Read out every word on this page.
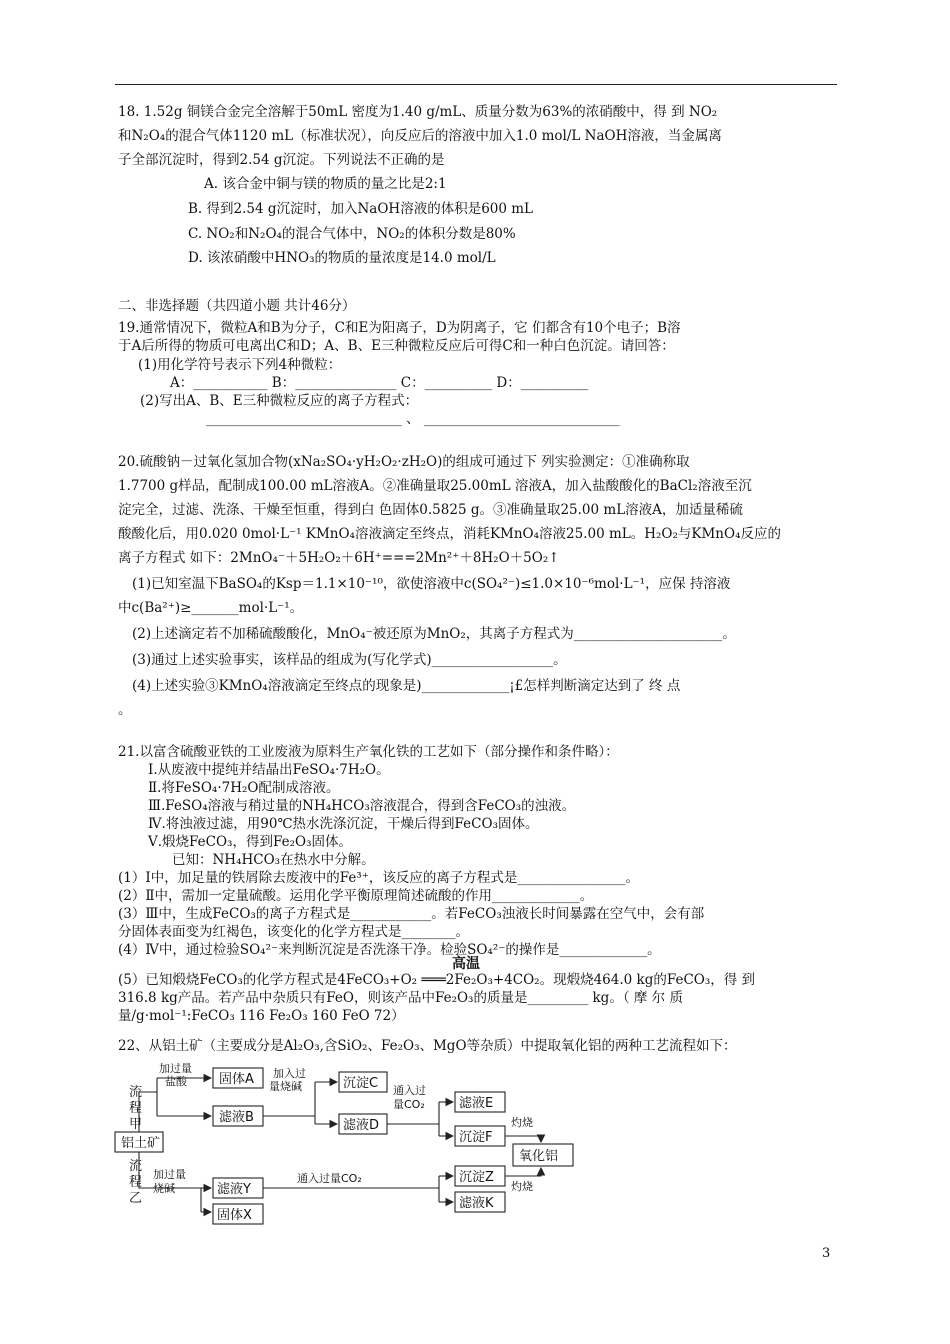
18. 1.52g 铜镁合金完全溶解于50mL 密度为1.40 g/mL、质量分数为63%的浓硝酸中，得 到 NO₂
和N₂O₄的混合气体1120 mL（标准状况），向反应后的溶液中加入1.0 mol/L NaOH溶液，当金属离
子全部沉淀时，得到2.54 g沉淀。下列说法不正确的是
A. 该合金中铜与镁的物质的量之比是2:1
B. 得到2.54 g沉淀时，加入NaOH溶液的体积是600 mL
C. NO₂和N₂O₄的混合气体中，NO₂的体积分数是80%
D. 该浓硝酸中HNO₃的物质的量浓度是14.0 mol/L
二、非选择题（共四道小题 共计46分）
19.通常情况下，微粒A和B为分子，C和E为阳离子，D为阴离子，它 们都含有10个电子；B溶
于A后所得的物质可电离出C和D；A、B、E三种微粒反应后可得C和一种白色沉淀。请回答：
(1)用化学符号表示下列4种微粒：
A：___________ B：_______________ C：__________ D：__________
(2)写出A、B、E三种微粒反应的离子方程式：
_____________________________ 、 _____________________________
20.硫酸钠－过氧化氢加合物(xNa₂SO₄·yH₂O₂·zH₂O)的组成可通过下 列实验测定：①准确称取
1.7700 g样品，配制成100.00 mL溶液A。②准确量取25.00mL 溶液A，加入盐酸酸化的BaCl₂溶液至沉
淀完全，过滤、洗涤、干燥至恒重，得到白 色固体0.5825 g。③准确量取25.00 mL溶液A，加适量稀硫
酸酸化后，用0.020 0mol·L⁻¹ KMnO₄溶液滴定至终点，消耗KMnO₄溶液25.00 mL。H₂O₂与KMnO₄反应的
离子方程式 如下：2MnO₄⁻＋5H₂O₂＋6H⁺===2Mn²⁺＋8H₂O＋5O₂↑
(1)已知室温下BaSO₄的Ksp＝1.1×10⁻¹⁰，欲使溶液中c(SO₄²⁻)≤1.0×10⁻⁶mol·L⁻¹，应保 持溶液
中c(Ba²⁺)≥_______mol·L⁻¹。
(2)上述滴定若不加稀硫酸酸化，MnO₄⁻被还原为MnO₂，其离子方程式为______________________。
(3)通过上述实验事实，该样品的组成为(写化学式)__________________。
(4)上述实验③KMnO₄溶液滴定至终点的现象是)_____________¡£怎样判断滴定达到了 终 点
。
21.以富含硫酸亚铁的工业废液为原料生产氧化铁的工艺如下（部分操作和条件略）：
Ⅰ.从废液中提纯并结晶出FeSO₄·7H₂O。
Ⅱ.将FeSO₄·7H₂O配制成溶液。
Ⅲ.FeSO₄溶液与稍过量的NH₄HCO₃溶液混合，得到含FeCO₃的浊液。
Ⅳ.将浊液过滤，用90℃热水洗涤沉淀，干燥后得到FeCO₃固体。
Ⅴ.煅烧FeCO₃，得到Fe₂O₃固体。
已知：NH₄HCO₃在热水中分解。
(1）Ⅰ中，加足量的铁屑除去废液中的Fe³⁺，该反应的离子方程式是________________。
(2）Ⅱ中，需加一定量硫酸。运用化学平衡原理简述硫酸的作用_____________。
(3）Ⅲ中，生成FeCO₃的离子方程式是____________。若FeCO₃浊液长时间暴露在空气中，会有部
分固体表面变为红褐色，该变化的化学方程式是________。
(4）Ⅳ中，通过检验SO₄²⁻来判断沉淀是否洗涤干净。检验SO₄²⁻的操作是_____________。
高温
(5）已知煅烧FeCO₃的化学方程式是4FeCO₃+O₂ ═══2Fe₂O₃+4CO₂。现煅烧464.0 kg的FeCO₃，得 到
316.8 kg产品。若产品中杂质只有FeO，则该产品中Fe₂O₃的质量是_________ kg。（ 摩 尔 质
量/g·mol⁻¹:FeCO₃ 116 Fe₂O₃ 160 FeO 72）
22、从铝土矿（主要成分是Al₂O₃,含SiO₂、Fe₂O₃、MgO等杂质）中提取氧化铝的两种工艺流程如下：
流
程
甲
流
程
乙
铝土矿
加过量
盐酸 固体A
滤液B
加入过
量烧碱	沉淀C
滤液D
通入过
量CO₂	滤液E
沉淀F
灼烧
氧化铝
加过量
烧碱	滤液Y
固体X
通入过量CO₂	沉淀Z
滤液K
灼烧
3
